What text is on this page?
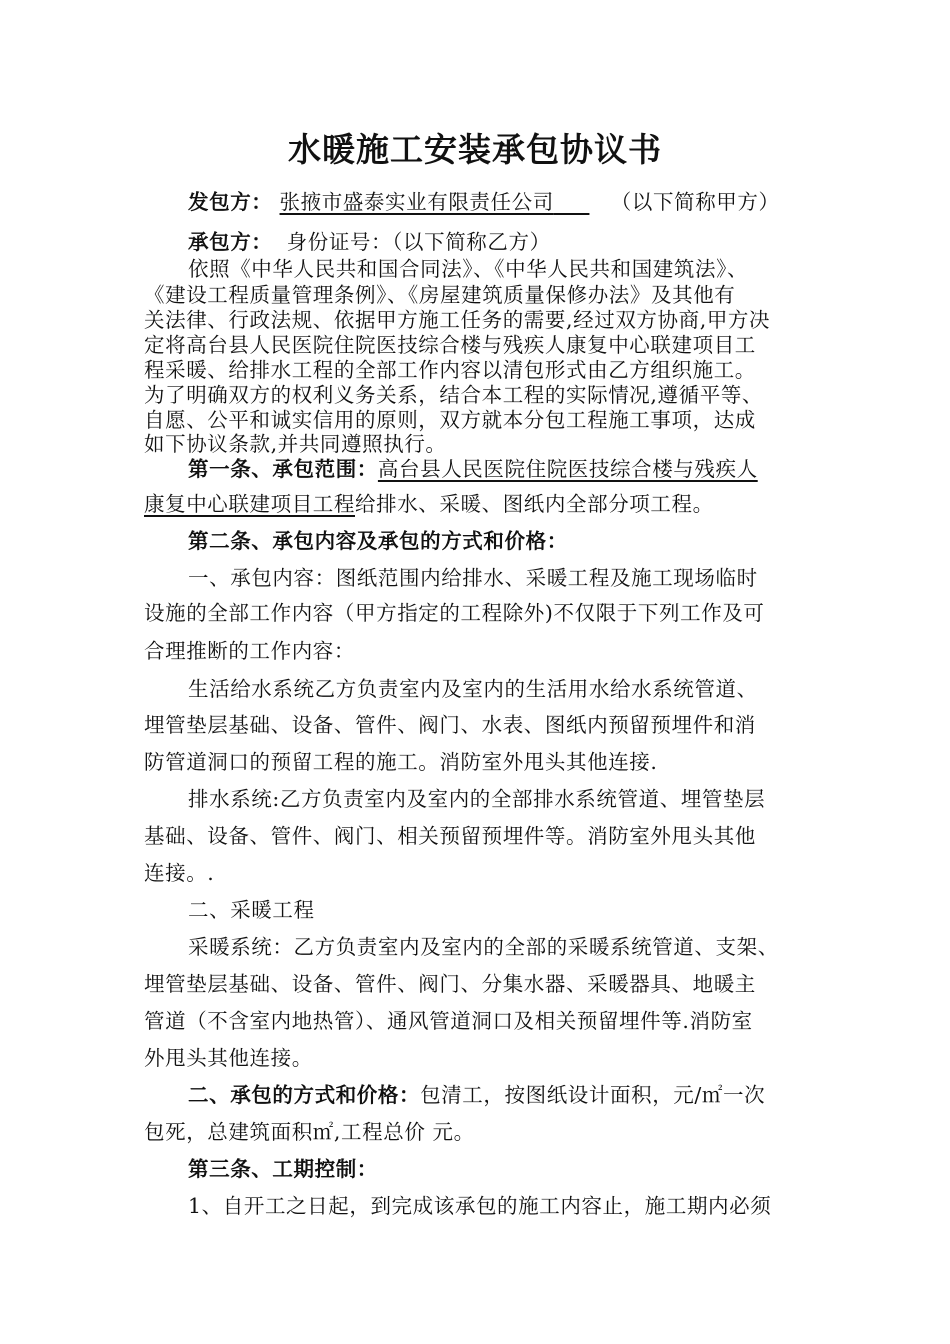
水暖施工安装承包协议书
发包方： 张掖市盛泰实业有限责任公司	（以下简称甲方）
承包方： 身份证号：（以下简称乙方）
依照《中华人民共和国合同法》、《中华人民共和国建筑法》、
《建设工程质量管理条例》、《房屋建筑质量保修办法》及其他有
关法律、行政法规、依据甲方施工任务的需要,经过双方协商,甲方决
定将高台县人民医院住院医技综合楼与残疾人康复中心联建项目工
程采暖、给排水工程的全部工作内容以清包形式由乙方组织施工。
为了明确双方的权利义务关系，结合本工程的实际情况,遵循平等、
自愿、公平和诚实信用的原则，双方就本分包工程施工事项，达成
如下协议条款,并共同遵照执行。
第一条、承包范围：高台县人民医院住院医技综合楼与残疾人
康复中心联建项目工程给排水、采暖、图纸内全部分项工程。
第二条、承包内容及承包的方式和价格：
一、承包内容：图纸范围内给排水、采暖工程及施工现场临时
设施的全部工作内容（甲方指定的工程除外)不仅限于下列工作及可
合理推断的工作内容：
生活给水系统乙方负责室内及室内的生活用水给水系统管道、
埋管垫层基础、设备、管件、阀门、水表、图纸内预留预埋件和消
防管道洞口的预留工程的施工。消防室外甩头其他连接.
排水系统:乙方负责室内及室内的全部排水系统管道、埋管垫层
基础、设备、管件、阀门、相关预留预埋件等。消防室外甩头其他
连接。.
二、采暖工程
采暖系统：乙方负责室内及室内的全部的采暖系统管道、支架、
埋管垫层基础、设备、管件、阀门、分集水器、采暖器具、地暖主
管道（不含室内地热管）、通风管道洞口及相关预留埋件等.消防室
外甩头其他连接。
二、承包的方式和价格：包清工，按图纸设计面积，元/㎡一次
包死，总建筑面积㎡,工程总价 元。
第三条、工期控制：
1、自开工之日起，到完成该承包的施工内容止，施工期内必须
